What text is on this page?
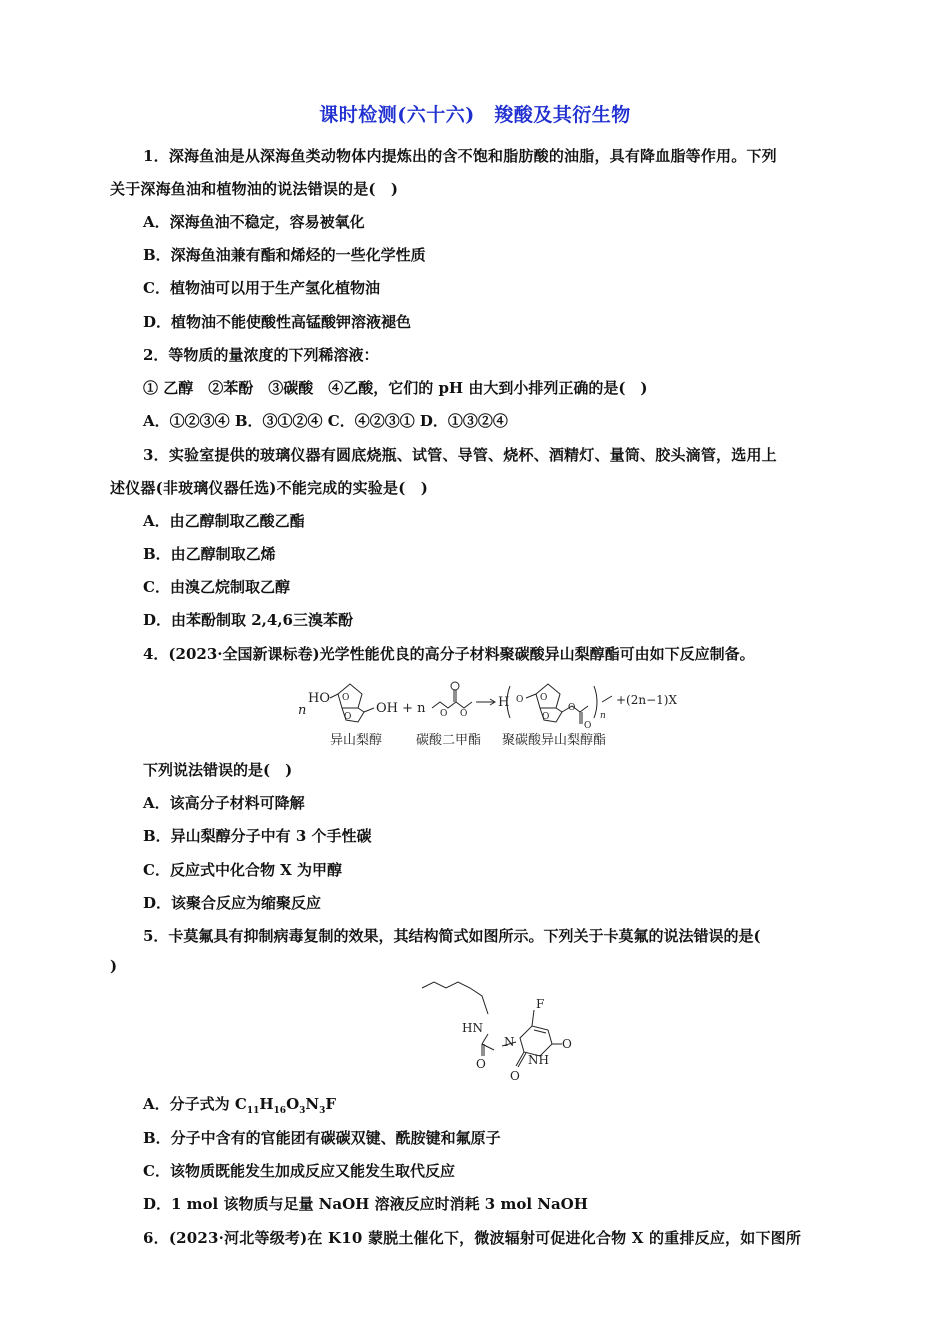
课时检测(六十六)　羧酸及其衍生物
1．深海鱼油是从深海鱼类动物体内提炼出的含不饱和脂肪酸的油脂，具有降血脂等作用。下列
关于深海鱼油和植物油的说法错误的是(　)
A．深海鱼油不稳定，容易被氧化
B．深海鱼油兼有酯和烯烃的一些化学性质
C．植物油可以用于生产氢化植物油
D．植物油不能使酸性高锰酸钾溶液褪色
2．等物质的量浓度的下列稀溶液：
① 乙醇　②苯酚　③碳酸　④乙酸，它们的 pH 由大到小排列正确的是(　)
A．①②③④ B．③①②④ C．④②③① D．①③②④
3．实验室提供的玻璃仪器有圆底烧瓶、试管、导管、烧杯、酒精灯、量筒、胶头滴管，选用上
述仪器(非玻璃仪器任选)不能完成的实验是(　)
A．由乙醇制取乙酸乙酯
B．由乙醇制取乙烯
C．由溴乙烷制取乙醇
D．由苯酚制取 2,4,6三溴苯酚
4．(2023·全国新课标卷)光学性能优良的高分子材料聚碳酸异山梨醇酯可由如下反应制备。
n
HO O
O
OH + n O O
H O O
O
O
O
n
+(2n−1)X
异山梨醇	碳酸二甲酯 聚碳酸异山梨醇酯
下列说法错误的是(　)
A．该高分子材料可降解
B．异山梨醇分子中有 3 个手性碳
C．反应式中化合物 X 为甲醇
D．该聚合反应为缩聚反应
5．卡莫氟具有抑制病毒复制的效果，其结构简式如图所示。下列关于卡莫氟的说法错误的是(
)
F
HN
N
O
O
NH
O
A．分子式为 $C_{11}H_{16}O_3N_3F$
B．分子中含有的官能团有碳碳双键、酰胺键和氟原子
C．该物质既能发生加成反应又能发生取代反应
D．1 mol 该物质与足量 NaOH 溶液反应时消耗 3 mol NaOH
6．(2023·河北等级考)在 K10 蒙脱土催化下，微波辐射可促进化合物 X 的重排反应，如下图所
